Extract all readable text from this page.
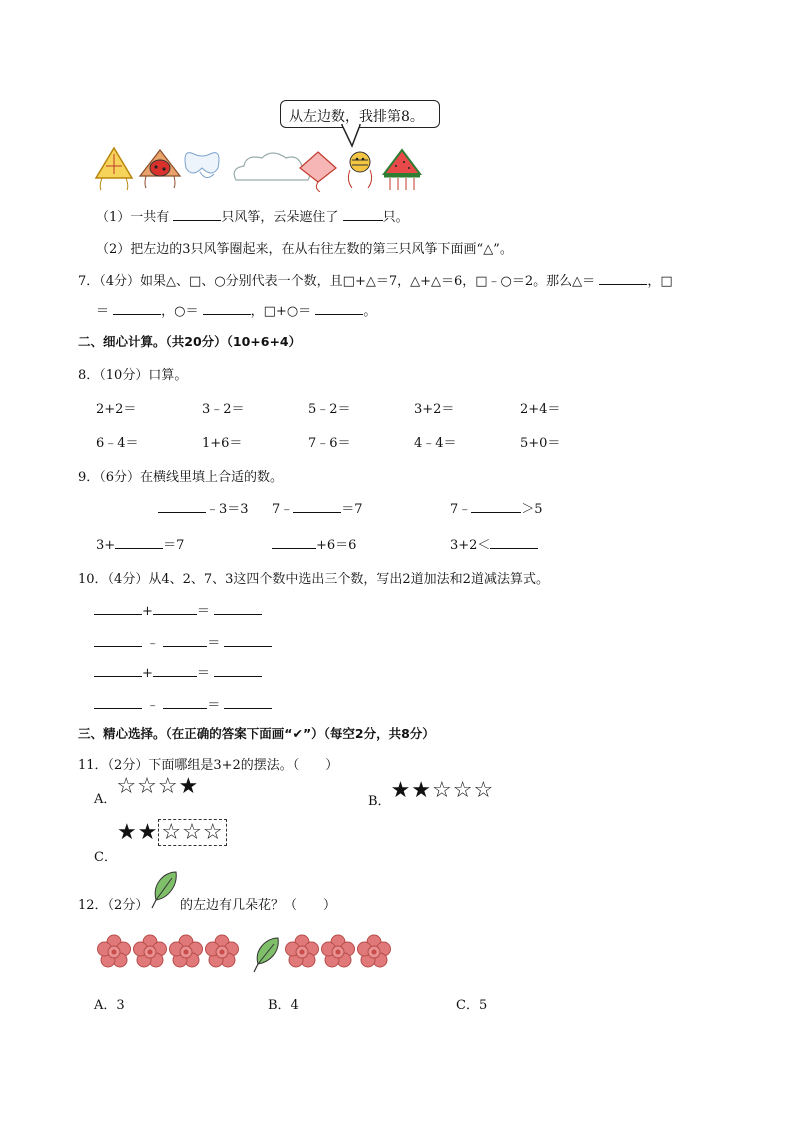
从左边数，我排第8。
（1）一共有	只风筝，云朵遮住了	只。
（2）把左边的3只风筝圈起来，在从右往左数的第三只风筝下面画“△”。
7．（4分）如果△、□、○分别代表一个数，且□+△＝7，△+△＝6，□﹣○＝2。那么△＝	，□
＝	，○＝	，□+○＝	。
二、细心计算。（共20分）（10+6+4）
8．（10分）口算。
2+2＝	3﹣2＝	5﹣2＝	3+2＝	2+4＝
6﹣4＝	1+6＝	7﹣6＝	4﹣4＝	5+0＝
9．（6分）在横线里填上合适的数。
﹣3＝3 7﹣	＝7	7﹣	＞5
3+	＝7	+6＝6	3+2＜
10．（4分）从4、2、7、3这四个数中选出三个数，写出2道加法和2道减法算式。
+	＝
﹣	＝
+	＝
﹣	＝
三、精心选择。（在正确的答案下面画“✔”）（每空2分，共8分）
11．（2分）下面哪组是3+2的摆法。（　　）
A．☆☆☆★
B．★★☆☆☆
C．★★ ☆☆☆
12．（2分） 的左边有几朵花？（　　）
A．3	B．4	C．5
